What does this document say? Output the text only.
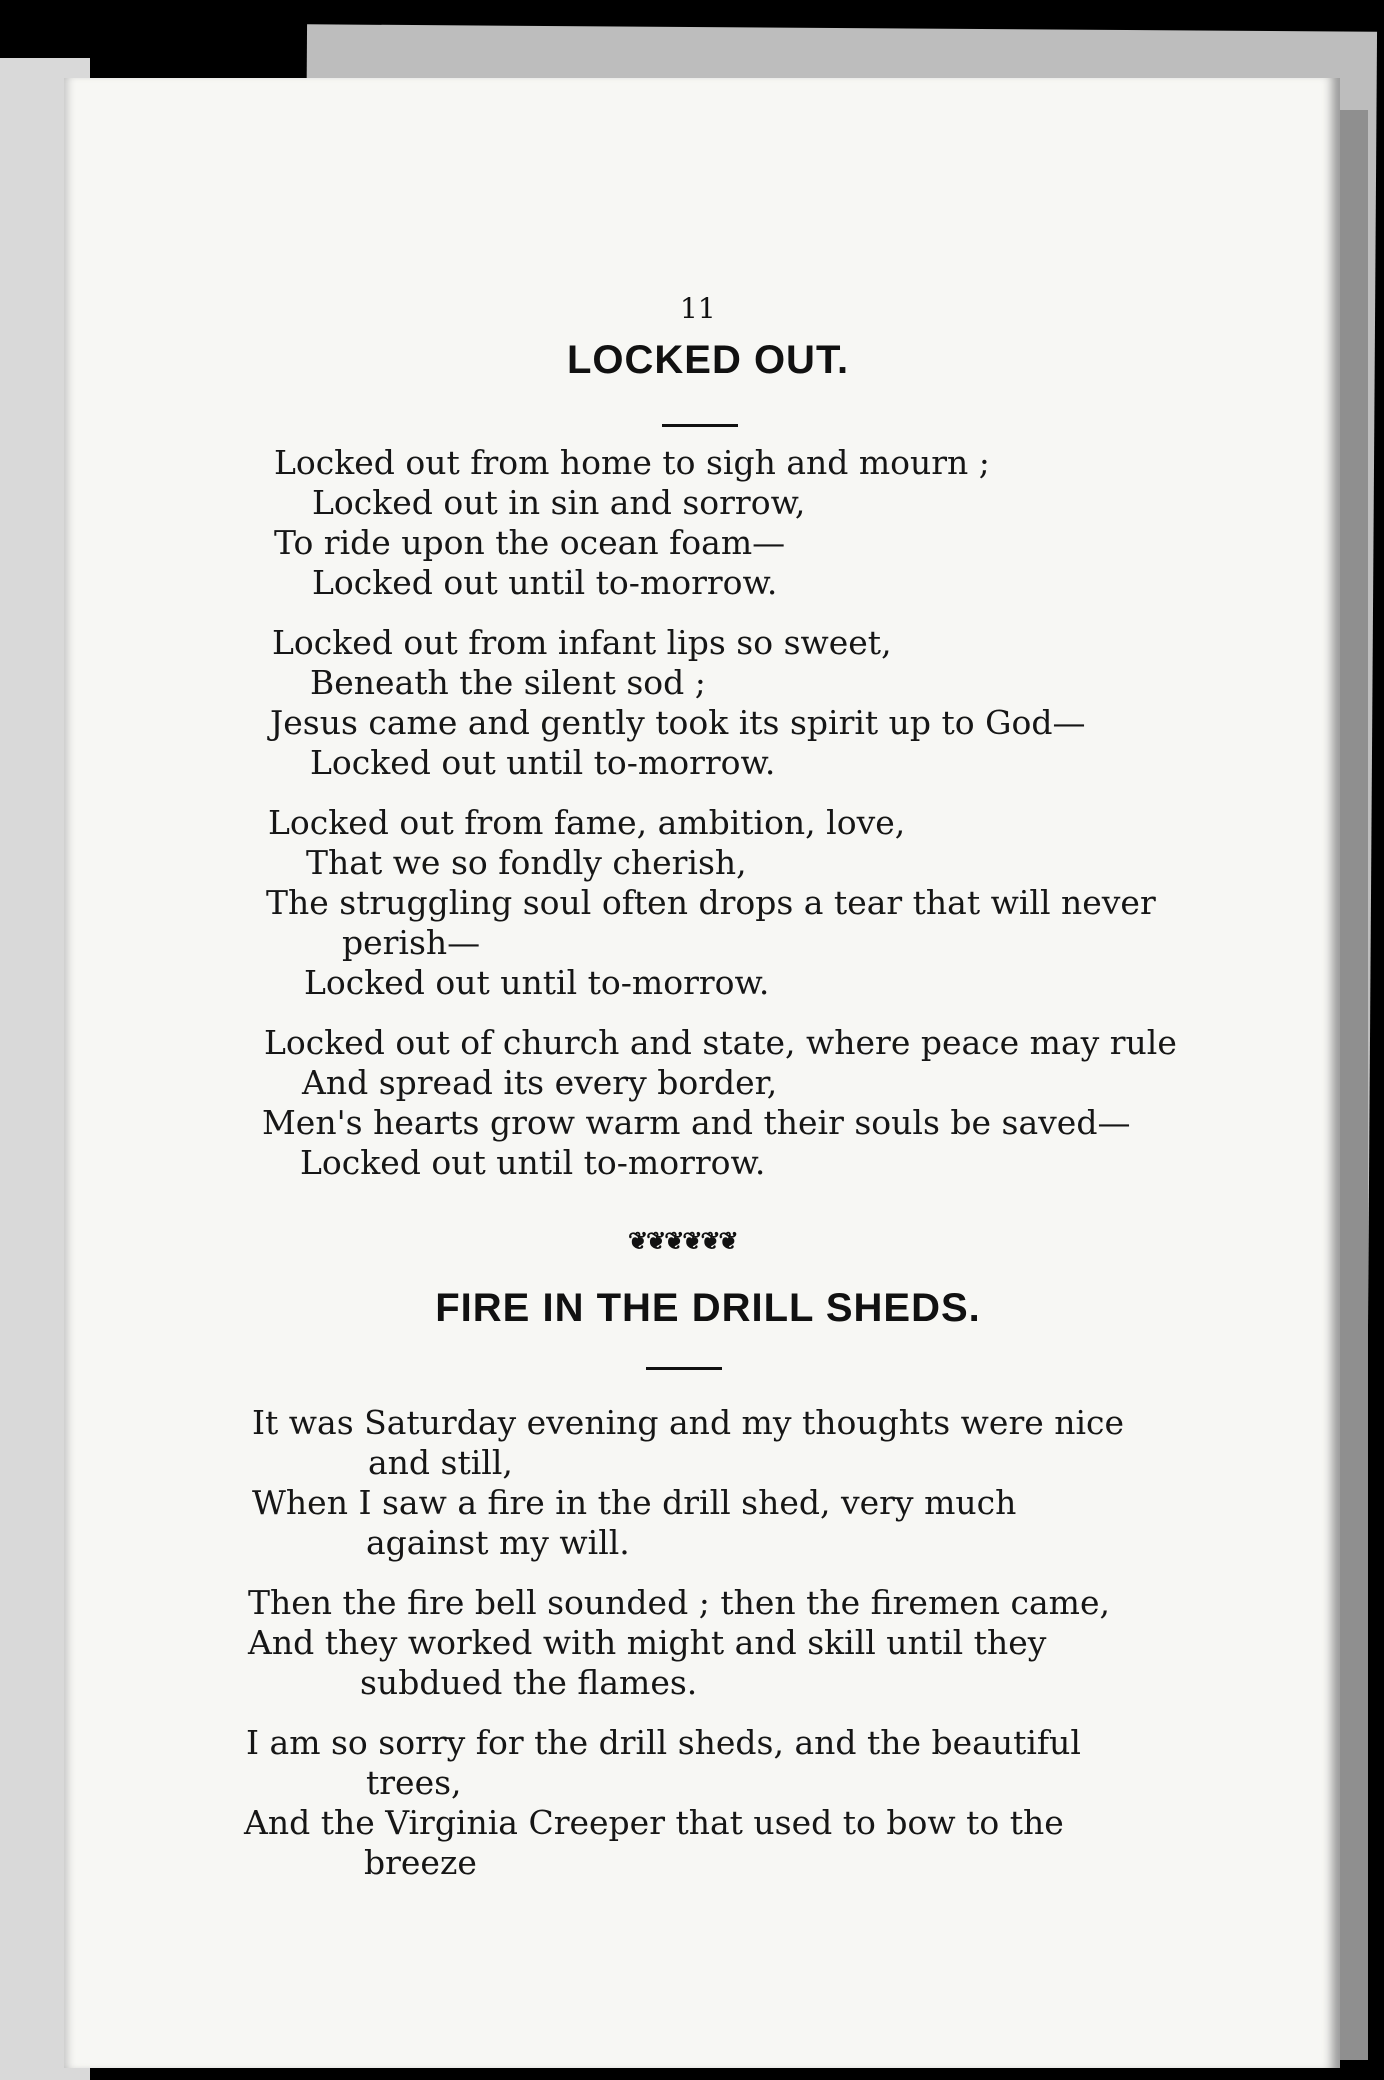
11
LOCKED OUT.
Locked out from home to sigh and mourn ;
Locked out in sin and sorrow,
To ride upon the ocean foam—
Locked out until to-morrow.
Locked out from infant lips so sweet,
Beneath the silent sod ;
Jesus came and gently took its spirit up to God—
Locked out until to-morrow.
Locked out from fame, ambition, love,
That we so fondly cherish,
The struggling soul often drops a tear that will never
perish—
Locked out until to-morrow.
Locked out of church and state, where peace may rule
And spread its every border,
Men's hearts grow warm and their souls be saved—
Locked out until to-morrow.
❦❦❦❦❦❦
FIRE IN THE DRILL SHEDS.
It was Saturday evening and my thoughts were nice
and still,
When I saw a fire in the drill shed, very much
against my will.
Then the fire bell sounded ; then the firemen came,
And they worked with might and skill until they
subdued the flames.
I am so sorry for the drill sheds, and the beautiful
trees,
And the Virginia Creeper that used to bow to the
breeze
